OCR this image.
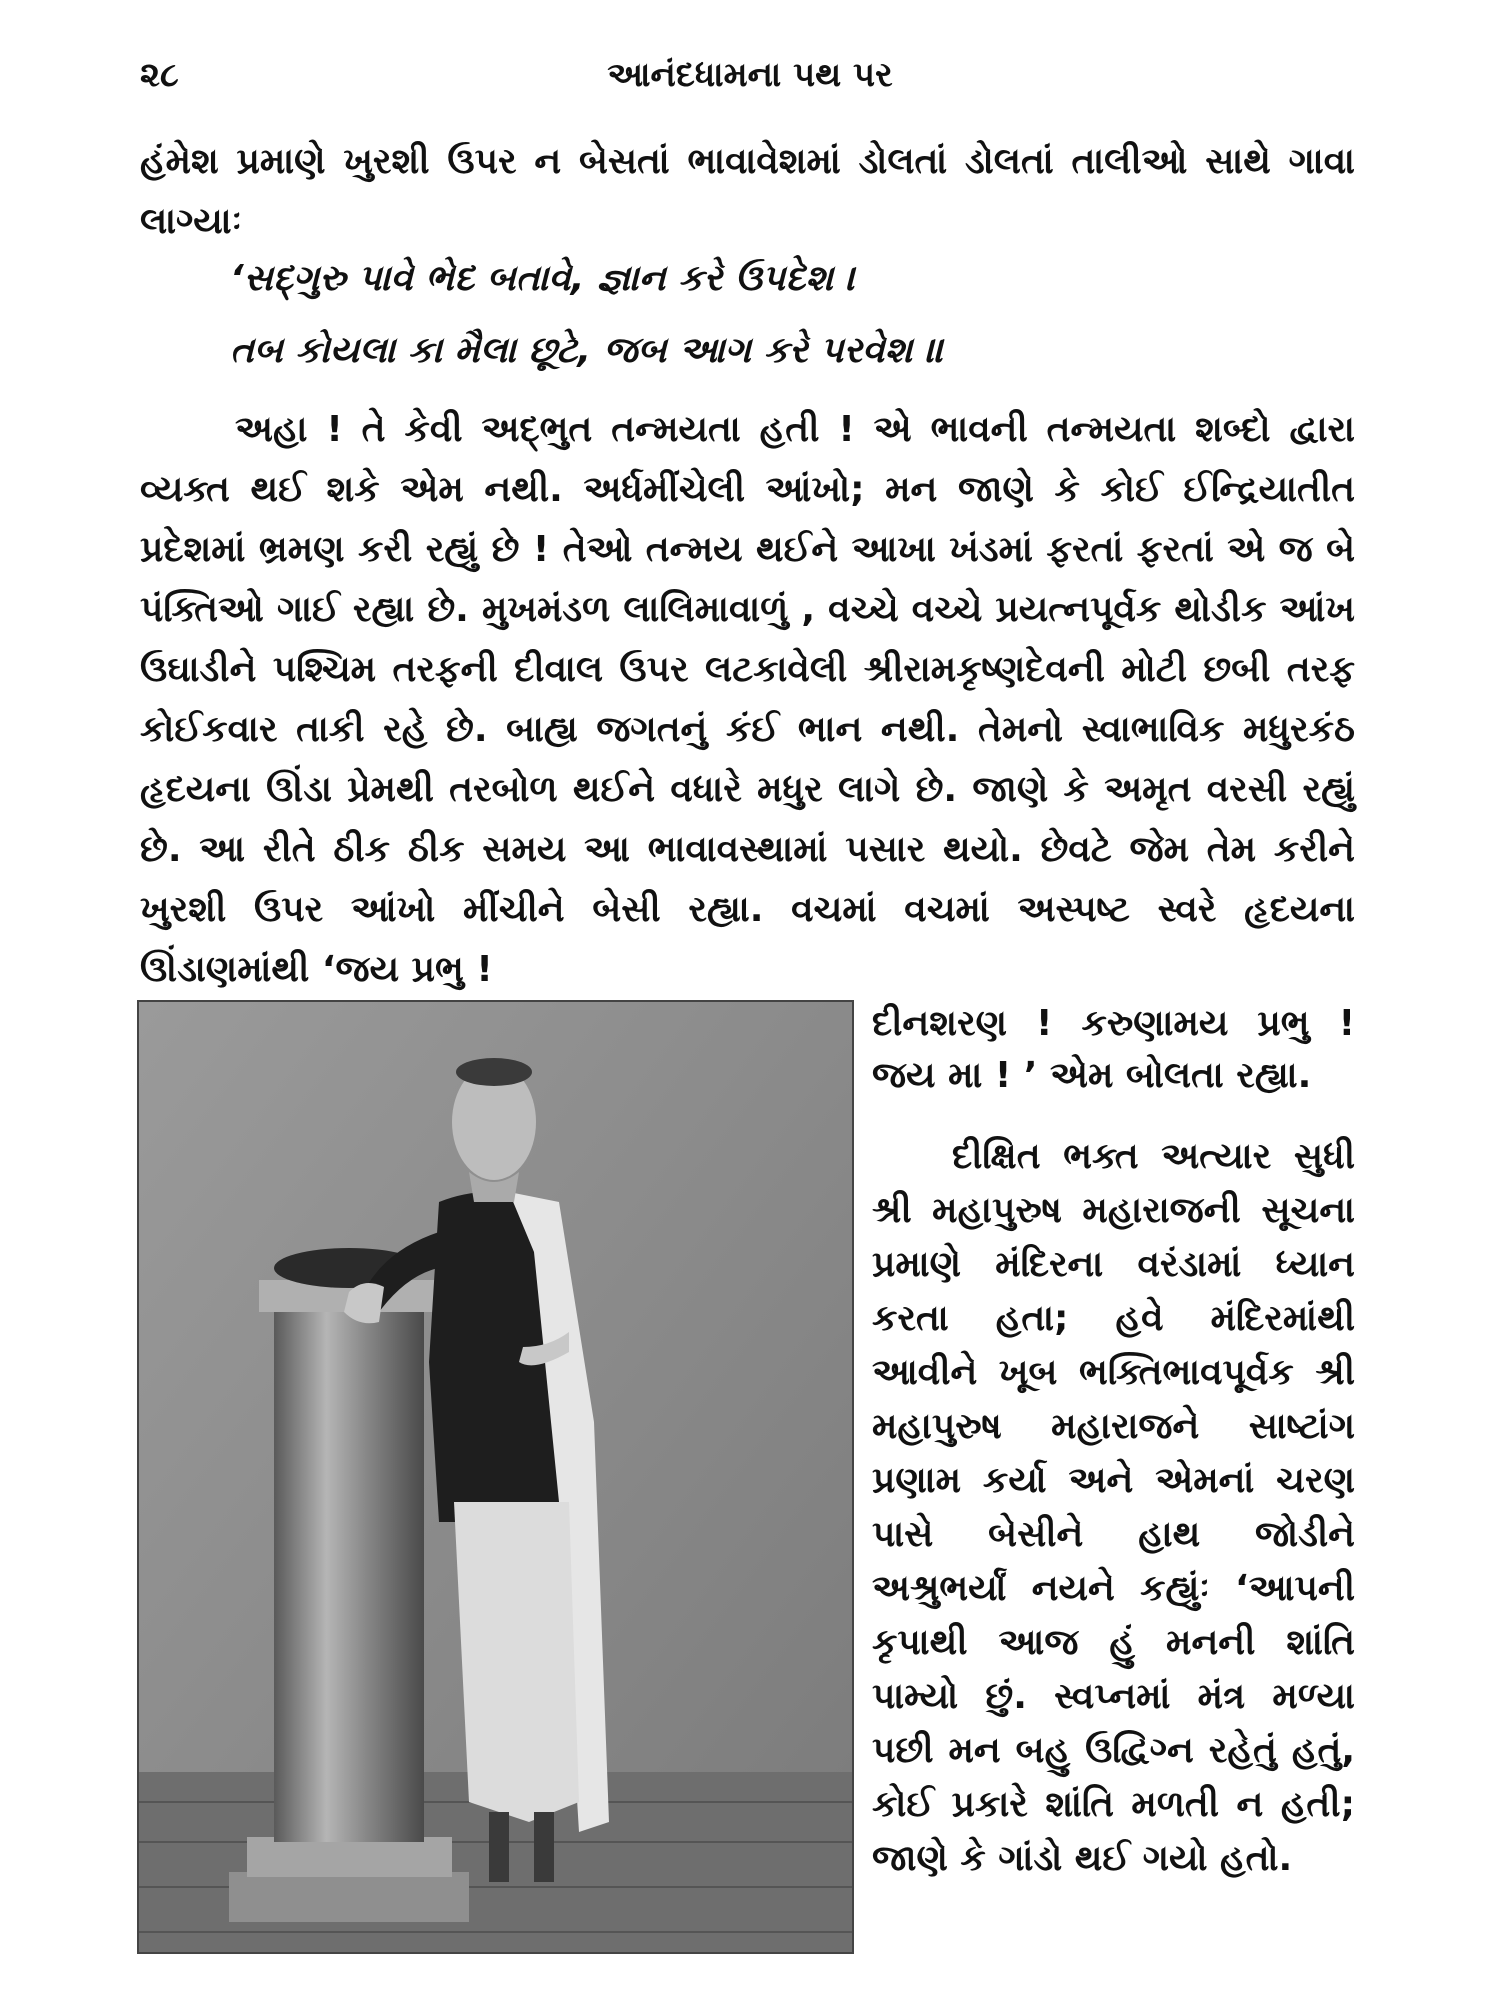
૨૮	આનંદધામના પથ પર

હંમેશ પ્રમાણે ખુરશી ઉપર ન બેસતાં ભાવાવેશમાં ડોલતાં ડોલતાં તાલીઓ સાથે ગાવા લાગ્યાઃ

‘સદ્‌ગુરુ પાવે ભેદ બતાવે, જ્ઞાન કરે ઉપદેશ ।

તબ કોયલા કા મૈલા છૂટે, જબ આગ કરે પરવેશ ॥

અહા ! તે કેવી અદ્‌ભુત તન્મયતા હતી ! એ ભાવની તન્મયતા શબ્દો દ્વારા વ્યક્ત થઈ શકે એમ નથી. અર્ધમીંચેલી આંખો; મન જાણે કે કોઈ ઈન્દ્રિયાતીત પ્રદેશમાં ભ્રમણ કરી રહ્યું છે ! તેઓ તન્મય થઈને આખા ખંડમાં ફરતાં ફરતાં એ જ બે પંક્તિઓ ગાઈ રહ્યા છે. મુખમંડળ લાલિમાવાળું , વચ્ચે વચ્ચે પ્રયત્નપૂર્વક થોડીક આંખ ઉઘાડીને પશ્ચિમ તરફની દીવાલ ઉપર લટકાવેલી શ્રીરામકૃષ્ણદેવની મોટી છબી તરફ કોઈકવાર તાકી રહે છે. બાહ્ય જગતનું કંઈ ભાન નથી. તેમનો સ્વાભાવિક મધુરકંઠ હૃદયના ઊંડા પ્રેમથી તરબોળ થઈને વધારે મધુર લાગે છે. જાણે કે અમૃત વરસી રહ્યું છે. આ રીતે ઠીક ઠીક સમય આ ભાવાવસ્થામાં પસાર થયો. છેવટે જેમ તેમ કરીને ખુરશી ઉપર આંખો મીંચીને બેસી રહ્યા. વચમાં વચમાં અસ્પષ્ટ સ્વરે હૃદયના ઊંડાણમાંથી ‘જય પ્રભુ !

દીનશરણ ! કરુણામય પ્રભુ !

જય મા ! ’ એમ બોલતા રહ્યા.

દીક્ષિત ભક્ત અત્યાર સુધી શ્રી મહાપુરુષ મહારાજની સૂચના પ્રમાણે મંદિરના વરંડામાં ધ્યાન કરતા હતા; હવે મંદિરમાંથી આવીને ખૂબ ભક્તિભાવપૂર્વક શ્રી મહાપુરુષ મહારાજને સાષ્ટાંગ પ્રણામ કર્યા અને એમનાં ચરણ પાસે બેસીને હાથ જોડીને અશ્રુભર્યાં નયને કહ્યુંઃ ‘આપની કૃપાથી આજ હું મનની શાંતિ પામ્યો છું. સ્વપ્નમાં મંત્ર મળ્યા પછી મન બહુ ઉદ્વિગ્ન રહેતું હતું, કોઈ પ્રકારે શાંતિ મળતી ન હતી; જાણે કે ગાંડો થઈ ગયો હતો.
